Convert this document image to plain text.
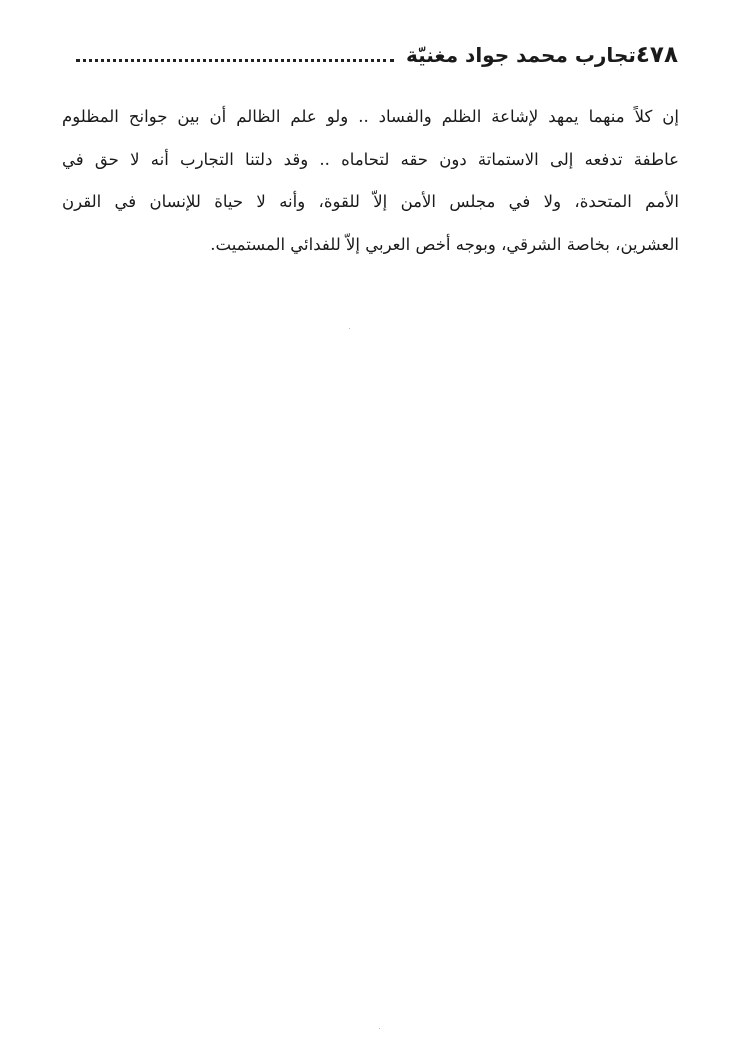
٤٧٨
تجارب محمد جواد مغنيّة
إن كلاً منهما يمهد لإشاعة الظلم والفساد .. ولو علم الظالم أن بين جوانح المظلوم
عاطفة تدفعه إلى الاستماتة دون حقه لتحاماه .. وقد دلتنا التجارب أنه لا حق في
الأمم المتحدة، ولا في مجلس الأمن إلاّ للقوة، وأنه لا حياة للإنسان في القرن
العشرين، بخاصة الشرقي، وبوجه أخص العربي إلاّ للفدائي المستميت.
